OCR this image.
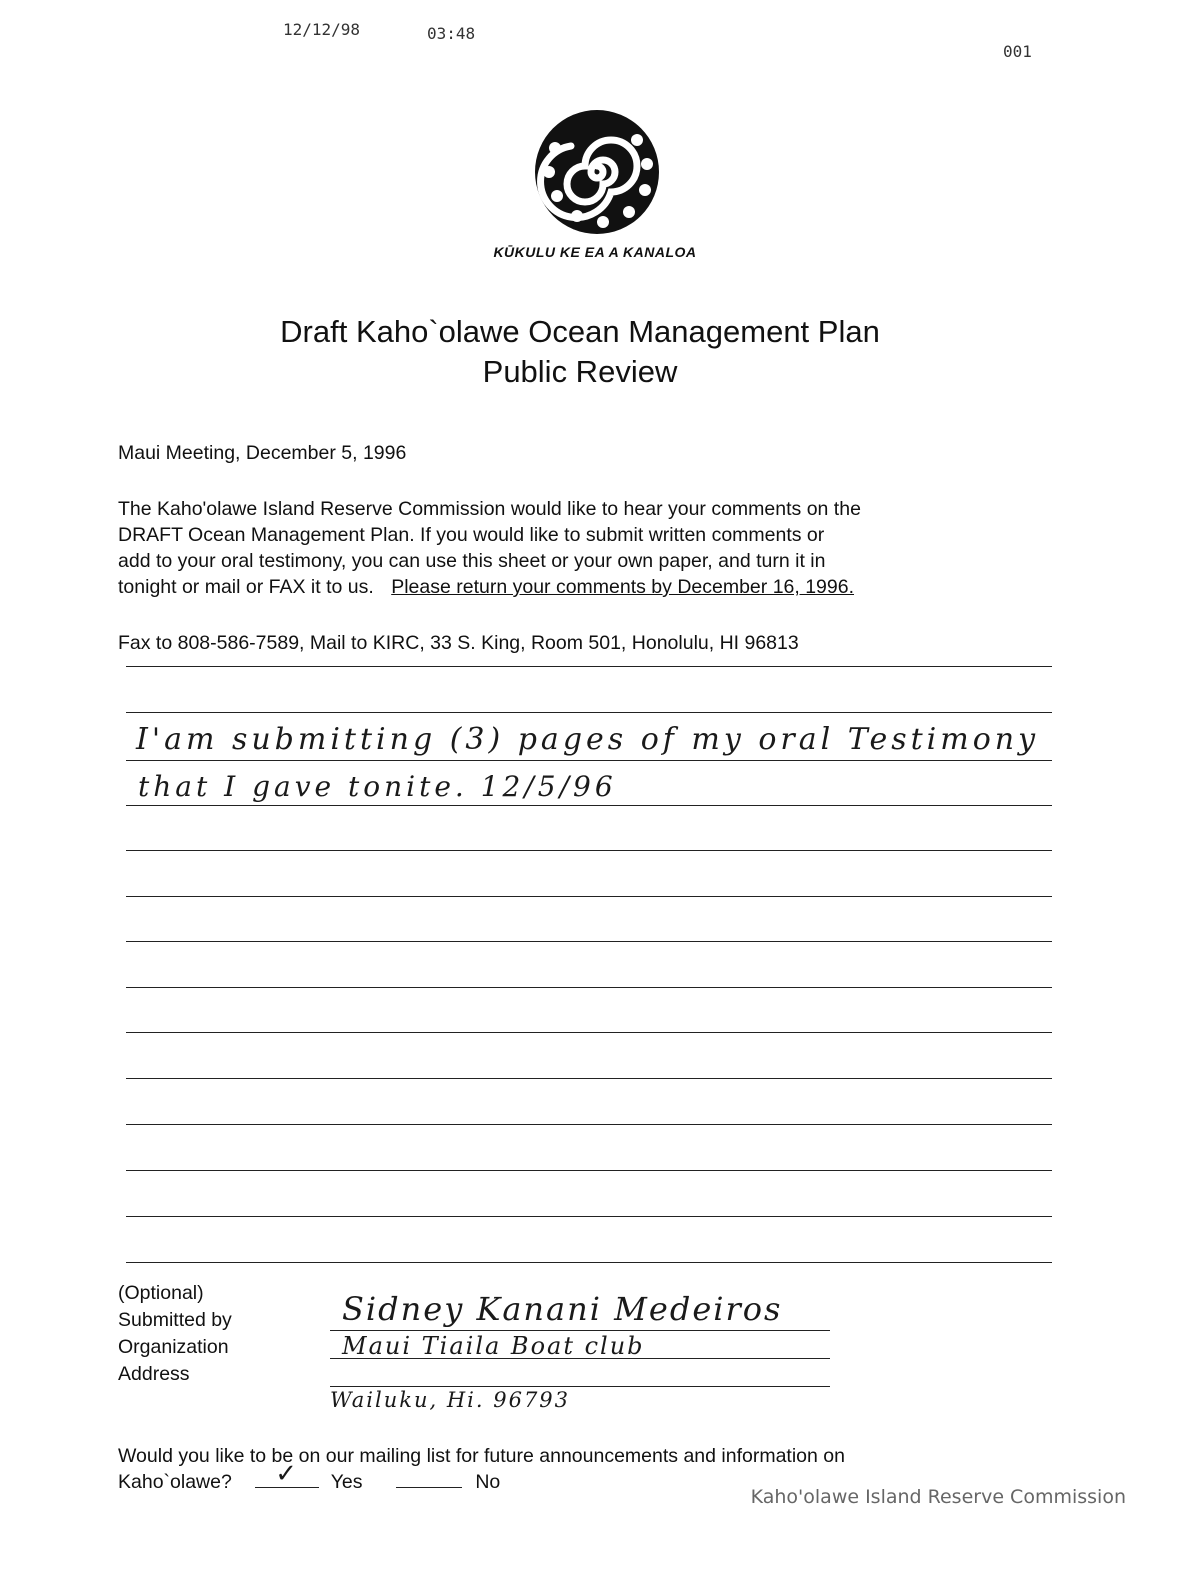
12/12/98	03:48
001
KŪKULU KE EA A KANALOA
Draft Kaho`olawe Ocean Management Plan
Public Review
Maui Meeting, December 5, 1996
The Kaho'olawe Island Reserve Commission would like to hear your comments on the
DRAFT Ocean Management Plan. If you would like to submit written comments or
add to your oral testimony, you can use this sheet or your own paper, and turn it in
tonight or mail or FAX it to us. Please return your comments by December 16, 1996.
Fax to 808-586-7589, Mail to KIRC, 33 S. King, Room 501, Honolulu, HI 96813
I'am submitting (3) pages of my oral Testimony
that I gave tonite. 12/5/96
(Optional)
Submitted by
Organization
Address
Sidney Kanani Medeiros
Maui Tiaila Boat club
Wailuku, Hi. 96793
Would you like to be on our mailing list for future announcements and information on
Kaho`olawe? ✓ Yes	No
Kaho'olawe Island Reserve Commission
